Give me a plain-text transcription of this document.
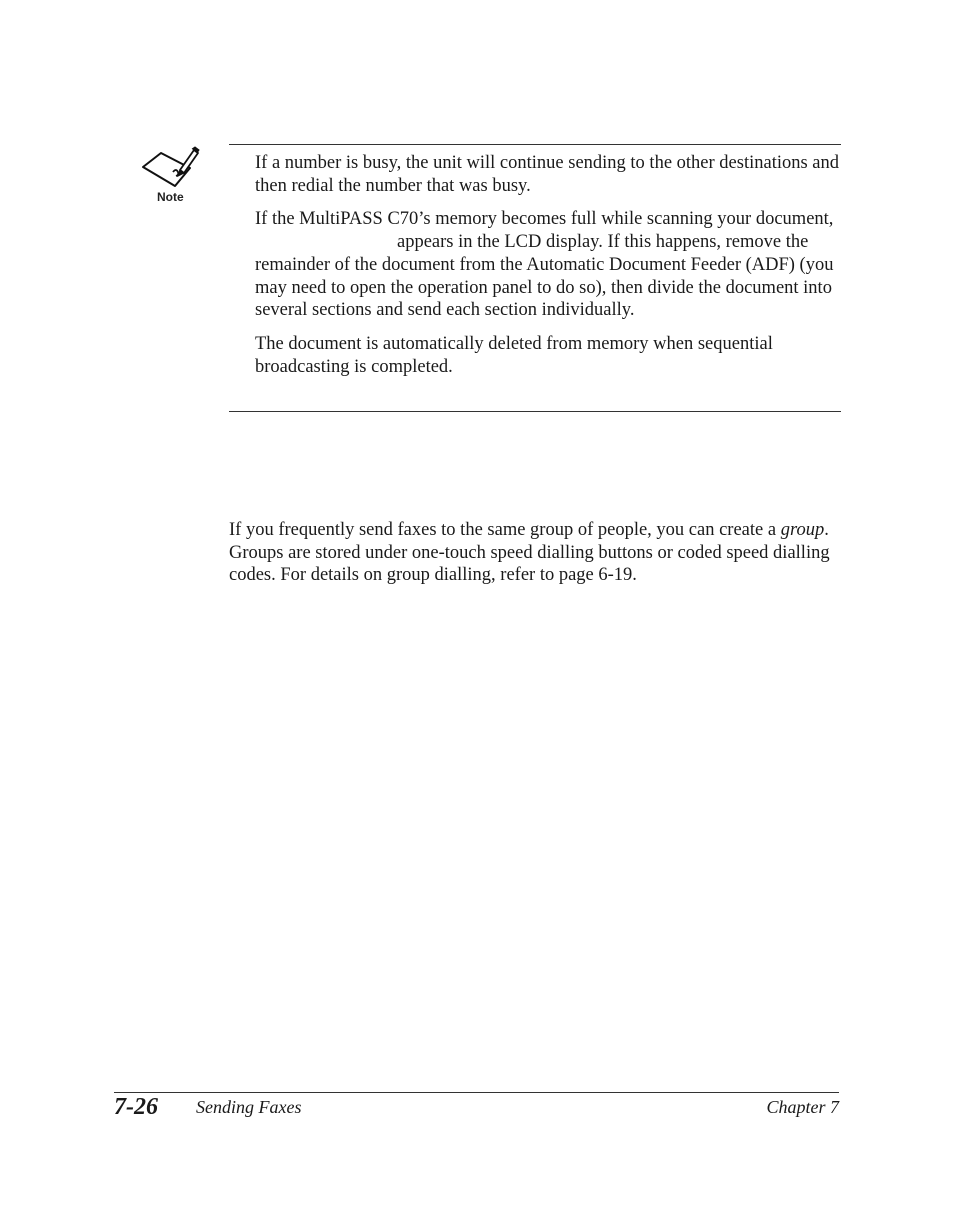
Note

If a number is busy, the unit will continue sending to the other destinations and then redial the number that was busy.

If the MultiPASS C70’s memory becomes full while scanning your document,appears in the LCD display. If this happens, remove the remainder of the document from the Automatic Document Feeder (ADF) (you may need to open the operation panel to do so), then divide the document into several sections and send each section individually.

The document is automatically deleted from memory when sequential broadcasting is completed.

If you frequently send faxes to the same group of people, you can create a group. Groups are stored under one-touch speed dialling buttons or coded speed dialling codes. For details on group dialling, refer to page 6-19.

7-26 Sending Faxes	Chapter 7
